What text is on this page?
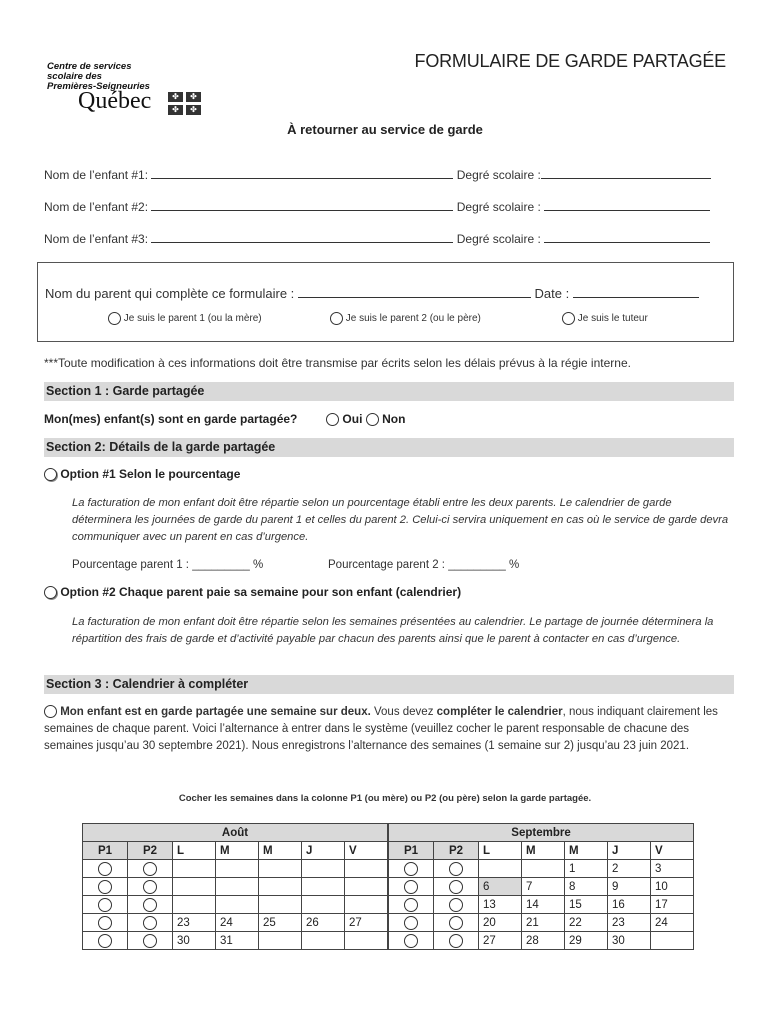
Centre de services
scolaire des
Premières-Seigneuries
Québec	✤	✤
✤	✤
FORMULAIRE DE GARDE PARTAGÉE
À retourner au service de garde
Nom de l’enfant #1:	Degré scolaire :
Nom de l’enfant #2:	Degré scolaire :
Nom de l’enfant #3:	Degré scolaire :
Nom du parent qui complète ce formulaire :	Date :
Je suis le parent 1 (ou la mère)	Je suis le parent 2 (ou le père)	Je suis le tuteur
***Toute modification à ces informations doit être transmise par écrits selon les délais prévus à la régie interne.
Section 1 : Garde partagée
Mon(mes) enfant(s) sont en garde partagée?	Oui Non
Section 2: Détails de la garde partagée
Option #1 Selon le pourcentage
La facturation de mon enfant doit être répartie selon un pourcentage établi entre les deux parents. Le calendrier de garde déterminera les journées de garde du parent 1 et celles du parent 2. Celui-ci servira uniquement en cas où le service de garde devra communiquer avec un parent en cas d’urgence.
Pourcentage parent 1 : _________ %	Pourcentage parent 2 : _________ %
Option #2 Chaque parent paie sa semaine pour son enfant (calendrier)
La facturation de mon enfant doit être répartie selon les semaines présentées au calendrier. Le partage de journée déterminera la répartition des frais de garde et d’activité payable par chacun des parents ainsi que le parent à contacter en cas d’urgence.
Section 3 : Calendrier à compléter
Mon enfant est en garde partagée une semaine sur deux. Vous devez compléter le calendrier, nous indiquant clairement les semaines de chaque parent. Voici l’alternance à entrer dans le système (veuillez cocher le parent responsable de chacune des semaines jusqu’au 30 septembre 2021). Nous enregistrons l’alternance des semaines (1 semaine sur 2) jusqu’au 23 juin 2021.
Cocher les semaines dans la colonne P1 (ou mère) ou P2 (ou père) selon la garde partagée.
Août							Septembre						
P1	P2	L	M	M	J	V	P1	P2	L	M	M	J	V
											1	2	3
									6	7	8	9	10
									13	14	15	16	17
		23	24	25	26	27			20	21	22	23	24
		30	31						27	28	29	30	
